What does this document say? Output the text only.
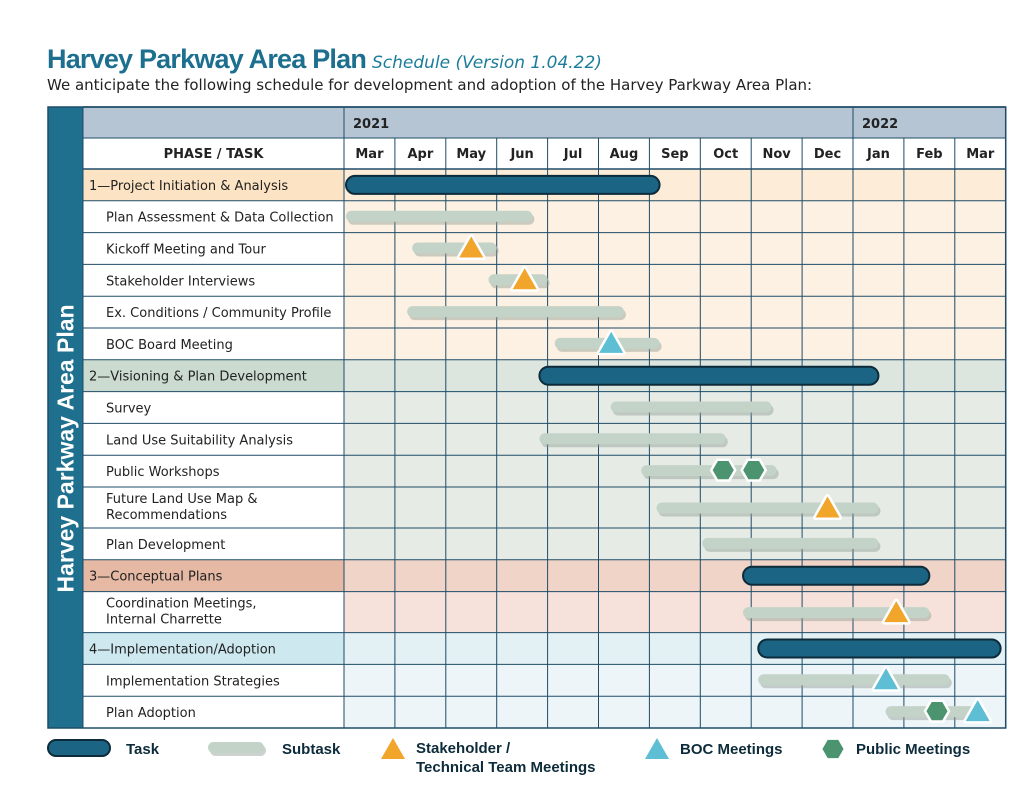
Harvey Parkway Area Plan Schedule (Version 1.04.22)
We anticipate the following schedule for development and adoption of the Harvey Parkway Area Plan:
PHASE / TASK
2021	2022
Mar Apr May Jun Jul Aug Sep Oct Nov Dec Jan Feb Mar
Harvey Parkway Area Plan
1—Project Initiation & Analysis
Plan Assessment & Data Collection
Kickoff Meeting and Tour
Stakeholder Interviews
Ex. Conditions / Community Profile
BOC Board Meeting
2—Visioning & Plan Development
Survey
Land Use Suitability Analysis
Public Workshops
Future Land Use Map & Recommendations
Plan Development
3—Conceptual Plans
Coordination Meetings, Internal Charrette
4—Implementation/Adoption
Implementation Strategies
Plan Adoption
Task	Subtask	Stakeholder / Technical Team Meetings
BOC Meetings	Public Meetings
